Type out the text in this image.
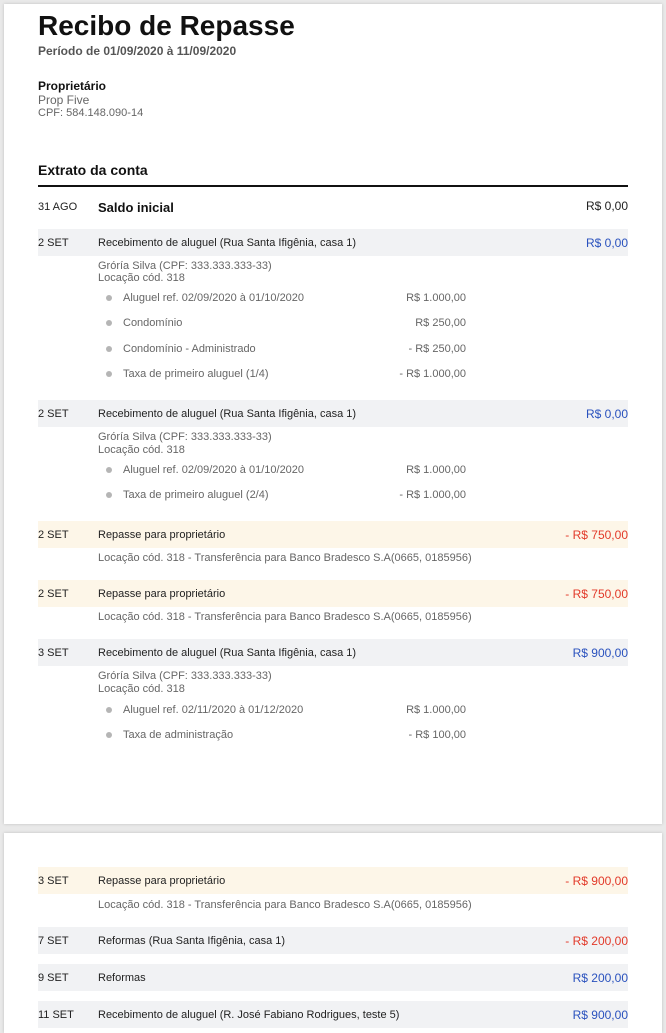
Recibo de Repasse
Período de 01/09/2020 à 11/09/2020
Proprietário
Prop Five
CPF: 584.148.090-14
Extrato da conta
31 AGO	Saldo inicial	R$ 0,00
2 SET	Recebimento de aluguel (Rua Santa Ifigênia, casa 1)	R$ 0,00
Gróría Silva (CPF: 333.333.333-33)
Locação cód. 318
Aluguel ref. 02/09/2020 à 01/10/2020	R$ 1.000,00
Condomínio	R$ 250,00
Condomínio - Administrado	- R$ 250,00
Taxa de primeiro aluguel (1/4)	- R$ 1.000,00
2 SET	Recebimento de aluguel (Rua Santa Ifigênia, casa 1)	R$ 0,00
Gróría Silva (CPF: 333.333.333-33)
Locação cód. 318
Aluguel ref. 02/09/2020 à 01/10/2020	R$ 1.000,00
Taxa de primeiro aluguel (2/4)	- R$ 1.000,00
2 SET	Repasse para proprietário	- R$ 750,00
Locação cód. 318 - Transferência para Banco Bradesco S.A(0665, 0185956)
2 SET	Repasse para proprietário	- R$ 750,00
Locação cód. 318 - Transferência para Banco Bradesco S.A(0665, 0185956)
3 SET	Recebimento de aluguel (Rua Santa Ifigênia, casa 1)	R$ 900,00
Gróría Silva (CPF: 333.333.333-33)
Locação cód. 318
Aluguel ref. 02/11/2020 à 01/12/2020	R$ 1.000,00
Taxa de administração	- R$ 100,00
3 SET	Repasse para proprietário	- R$ 900,00
Locação cód. 318 - Transferência para Banco Bradesco S.A(0665, 0185956)
7 SET	Reformas (Rua Santa Ifigênia, casa 1)	- R$ 200,00
9 SET	Reformas	R$ 200,00
11 SET	Recebimento de aluguel (R. José Fabiano Rodrigues, teste 5)	R$ 900,00
